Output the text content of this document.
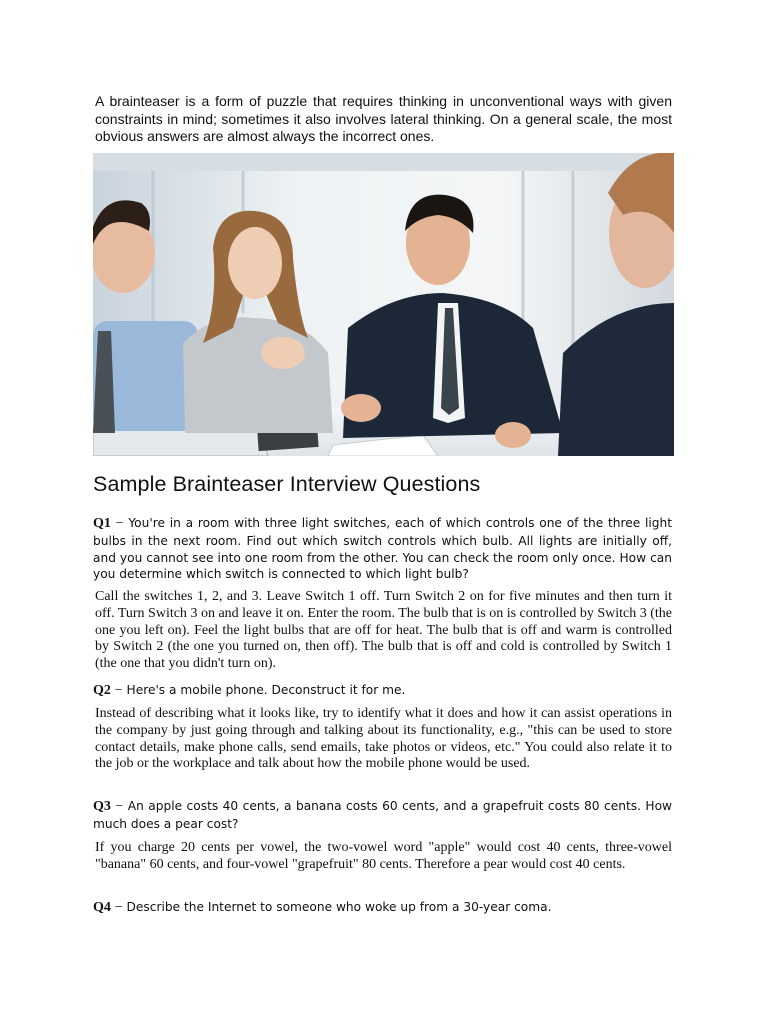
A brainteaser is a form of puzzle that requires thinking in unconventional ways with given constraints in mind; sometimes it also involves lateral thinking. On a general scale, the most obvious answers are almost always the incorrect ones.

Sample Brainteaser Interview Questions

Q1 − You're in a room with three light switches, each of which controls one of the three light bulbs in the next room. Find out which switch controls which bulb. All lights are initially off, and you cannot see into one room from the other. You can check the room only once. How can you determine which switch is connected to which light bulb?

Call the switches 1, 2, and 3. Leave Switch 1 off. Turn Switch 2 on for five minutes and then turn it off. Turn Switch 3 on and leave it on. Enter the room. The bulb that is on is controlled by Switch 3 (the one you left on). Feel the light bulbs that are off for heat. The bulb that is off and warm is controlled by Switch 2 (the one you turned on, then off). The bulb that is off and cold is controlled by Switch 1 (the one that you didn't turn on).

Q2 − Here's a mobile phone. Deconstruct it for me.

Instead of describing what it looks like, try to identify what it does and how it can assist operations in the company by just going through and talking about its functionality, e.g., "this can be used to store contact details, make phone calls, send emails, take photos or videos, etc." You could also relate it to the job or the workplace and talk about how the mobile phone would be used.

Q3 − An apple costs 40 cents, a banana costs 60 cents, and a grapefruit costs 80 cents. How much does a pear cost?

If you charge 20 cents per vowel, the two-vowel word "apple" would cost 40 cents, three-vowel "banana" 60 cents, and four-vowel "grapefruit" 80 cents. Therefore a pear would cost 40 cents.

Q4 − Describe the Internet to someone who woke up from a 30-year coma.
